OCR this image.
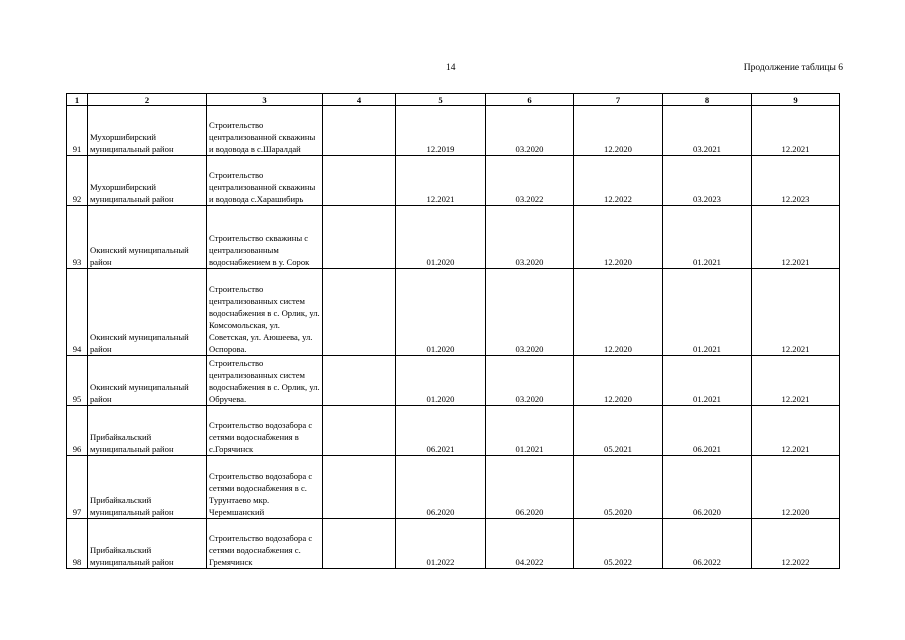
14	Продолжение таблицы 6
1	2	3	4	5	6	7	8	9
91	Мухоршибирский муниципальный район	Строительство централизованной скважины и водовода в с.Шаралдай		12.2019	03.2020	12.2020	03.2021	12.2021
92	Мухоршибирский муниципальный район	Строительство централизованной скважины и водовода с.Харашибирь		12.2021	03.2022	12.2022	03.2023	12.2023
93	Окинский муниципальный район	Строительство скважины с централизованным водоснабжением в у. Сорок		01.2020	03.2020	12.2020	01.2021	12.2021
94	Окинский муниципальный район	Строительство централизованных систем водоснабжения в с. Орлик, ул. Комсомольская, ул. Советская, ул. Аюшеева, ул. Оспорова.		01.2020	03.2020	12.2020	01.2021	12.2021
95	Окинский муниципальный район	Строительство централизованных систем водоснабжения в с. Орлик, ул. Обручева.		01.2020	03.2020	12.2020	01.2021	12.2021
96	Прибайкальский муниципальный район	Строительство водозабора с сетями водоснабжения в с.Горячинск		06.2021	01.2021	05.2021	06.2021	12.2021
97	Прибайкальский муниципальный район	Строительство водозабора с сетями водоснабжения в с. Турунтаево мкр. Черемшанский		06.2020	06.2020	05.2020	06.2020	12.2020
98	Прибайкальский муниципальный район	Строительство водозабора с сетями водоснабжения с. Гремячинск		01.2022	04.2022	05.2022	06.2022	12.2022
